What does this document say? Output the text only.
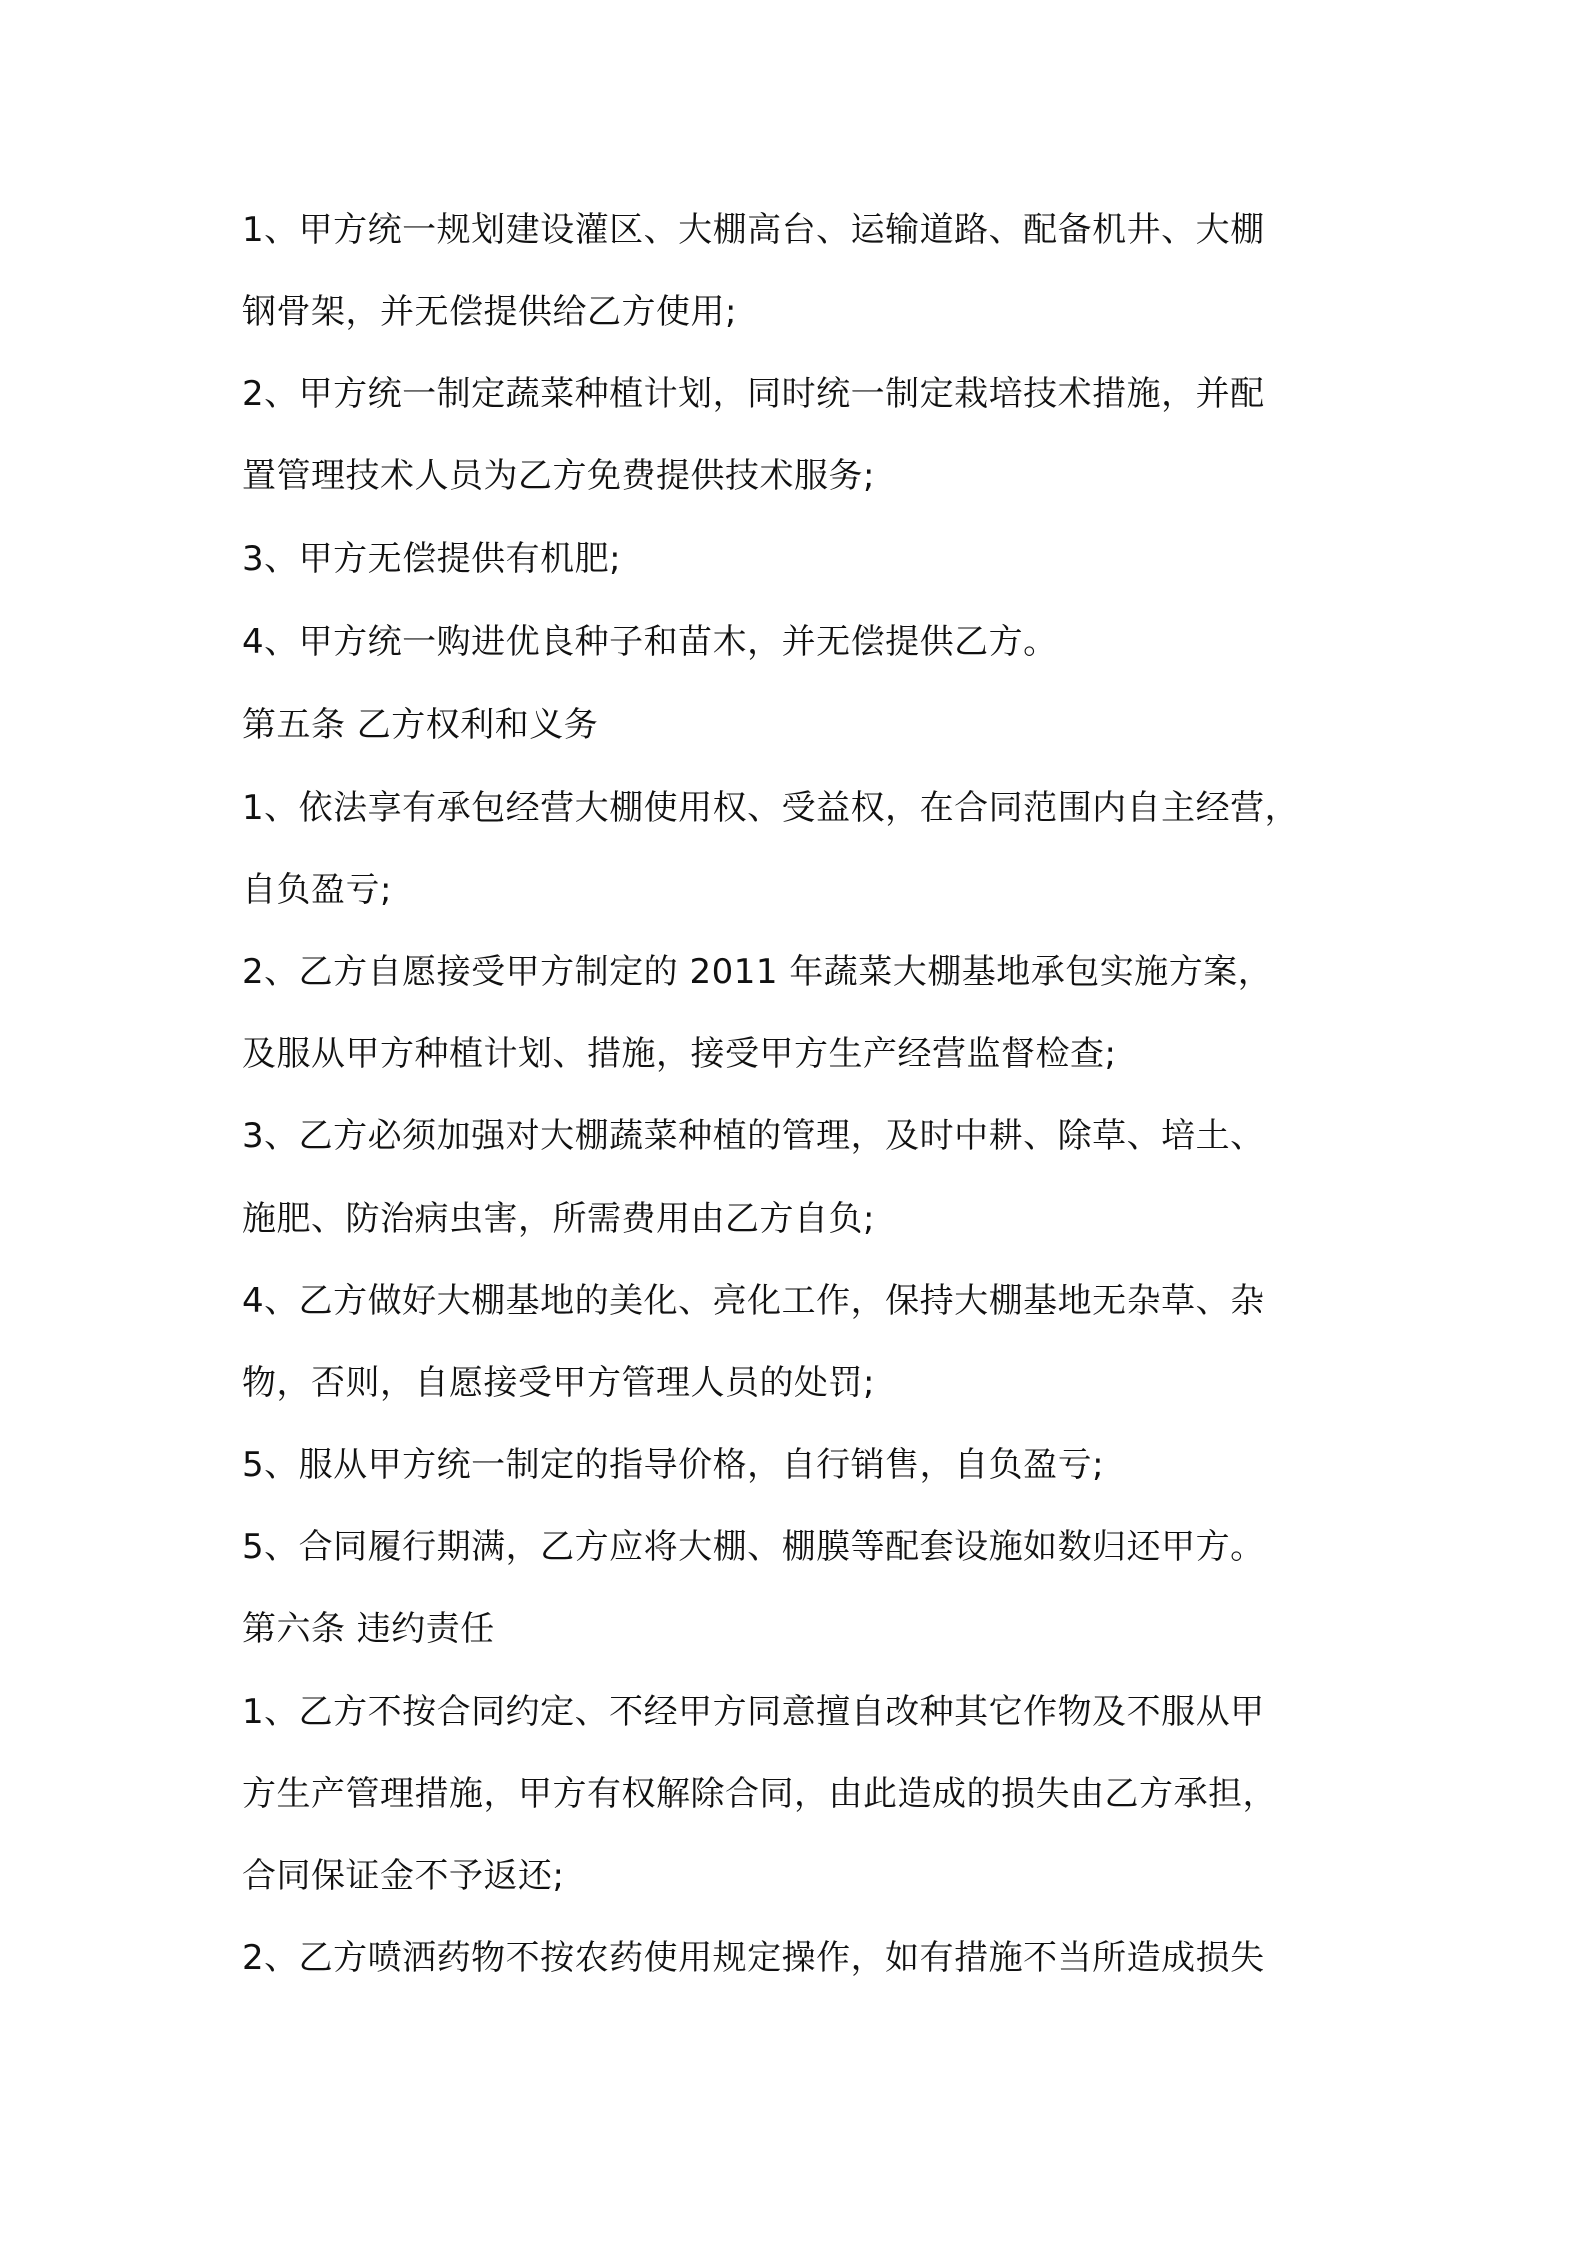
1、甲方统一规划建设灌区、大棚高台、运输道路、配备机井、大棚
钢骨架，并无偿提供给乙方使用;
2、甲方统一制定蔬菜种植计划，同时统一制定栽培技术措施，并配
置管理技术人员为乙方免费提供技术服务;
3、甲方无偿提供有机肥;
4、甲方统一购进优良种子和苗木，并无偿提供乙方。
第五条 乙方权利和义务
1、依法享有承包经营大棚使用权、受益权，在合同范围内自主经营，
自负盈亏;
2、乙方自愿接受甲方制定的 2011 年蔬菜大棚基地承包实施方案，
及服从甲方种植计划、措施，接受甲方生产经营监督检查;
3、乙方必须加强对大棚蔬菜种植的管理，及时中耕、除草、培土、
施肥、防治病虫害，所需费用由乙方自负;
4、乙方做好大棚基地的美化、亮化工作，保持大棚基地无杂草、杂
物，否则，自愿接受甲方管理人员的处罚;
5、服从甲方统一制定的指导价格，自行销售，自负盈亏;
5、合同履行期满，乙方应将大棚、棚膜等配套设施如数归还甲方。
第六条 违约责任
1、乙方不按合同约定、不经甲方同意擅自改种其它作物及不服从甲
方生产管理措施，甲方有权解除合同，由此造成的损失由乙方承担，
合同保证金不予返还;
2、乙方喷洒药物不按农药使用规定操作，如有措施不当所造成损失
